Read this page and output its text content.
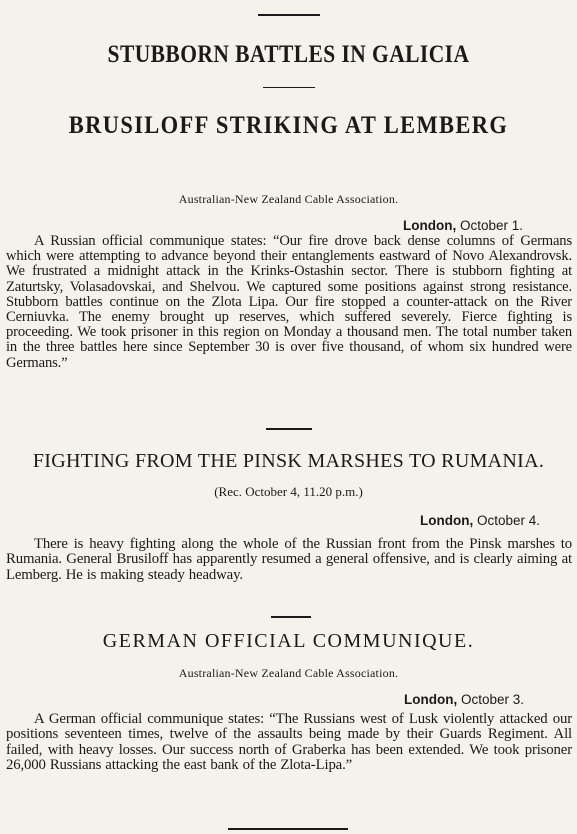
STUBBORN BATTLES IN GALICIA
BRUSILOFF STRIKING AT LEMBERG
Australian-New Zealand Cable Association.
London, October 1.
A Russian official communique states: “Our fire drove back dense columns of Germans which were attempting to advance beyond their entanglements eastward of Novo Alexandrovsk. We frustrated a midnight attack in the Krinks-Ostashin sector. There is stubborn fighting at Zaturtsky, Volasadovskai, and Shelvou. We captured some positions against strong resistance. Stubborn battles continue on the Zlota Lipa. Our fire stopped a counter-attack on the River Cerniuvka. The enemy brought up reserves, which suffered severely. Fierce fighting is proceeding. We took prisoner in this region on Monday a thousand men. The total number taken in the three battles here since September 30 is over five thousand, of whom six hundred were Germans.”
FIGHTING FROM THE PINSK MARSHES TO RUMANIA.
(Rec. October 4, 11.20 p.m.)
London, October 4.
There is heavy fighting along the whole of the Russian front from the Pinsk marshes to Rumania. General Brusiloff has apparently resumed a general offensive, and is clearly aiming at Lemberg. He is making steady headway.
GERMAN OFFICIAL COMMUNIQUE.
Australian-New Zealand Cable Association.
London, October 3.
A German official communique states: “The Russians west of Lusk violently attacked our positions seventeen times, twelve of the assaults being made by their Guards Regiment. All failed, with heavy losses. Our success north of Graberka has been extended. We took prisoner 26,000 Russians attacking the east bank of the Zlota-Lipa.”
